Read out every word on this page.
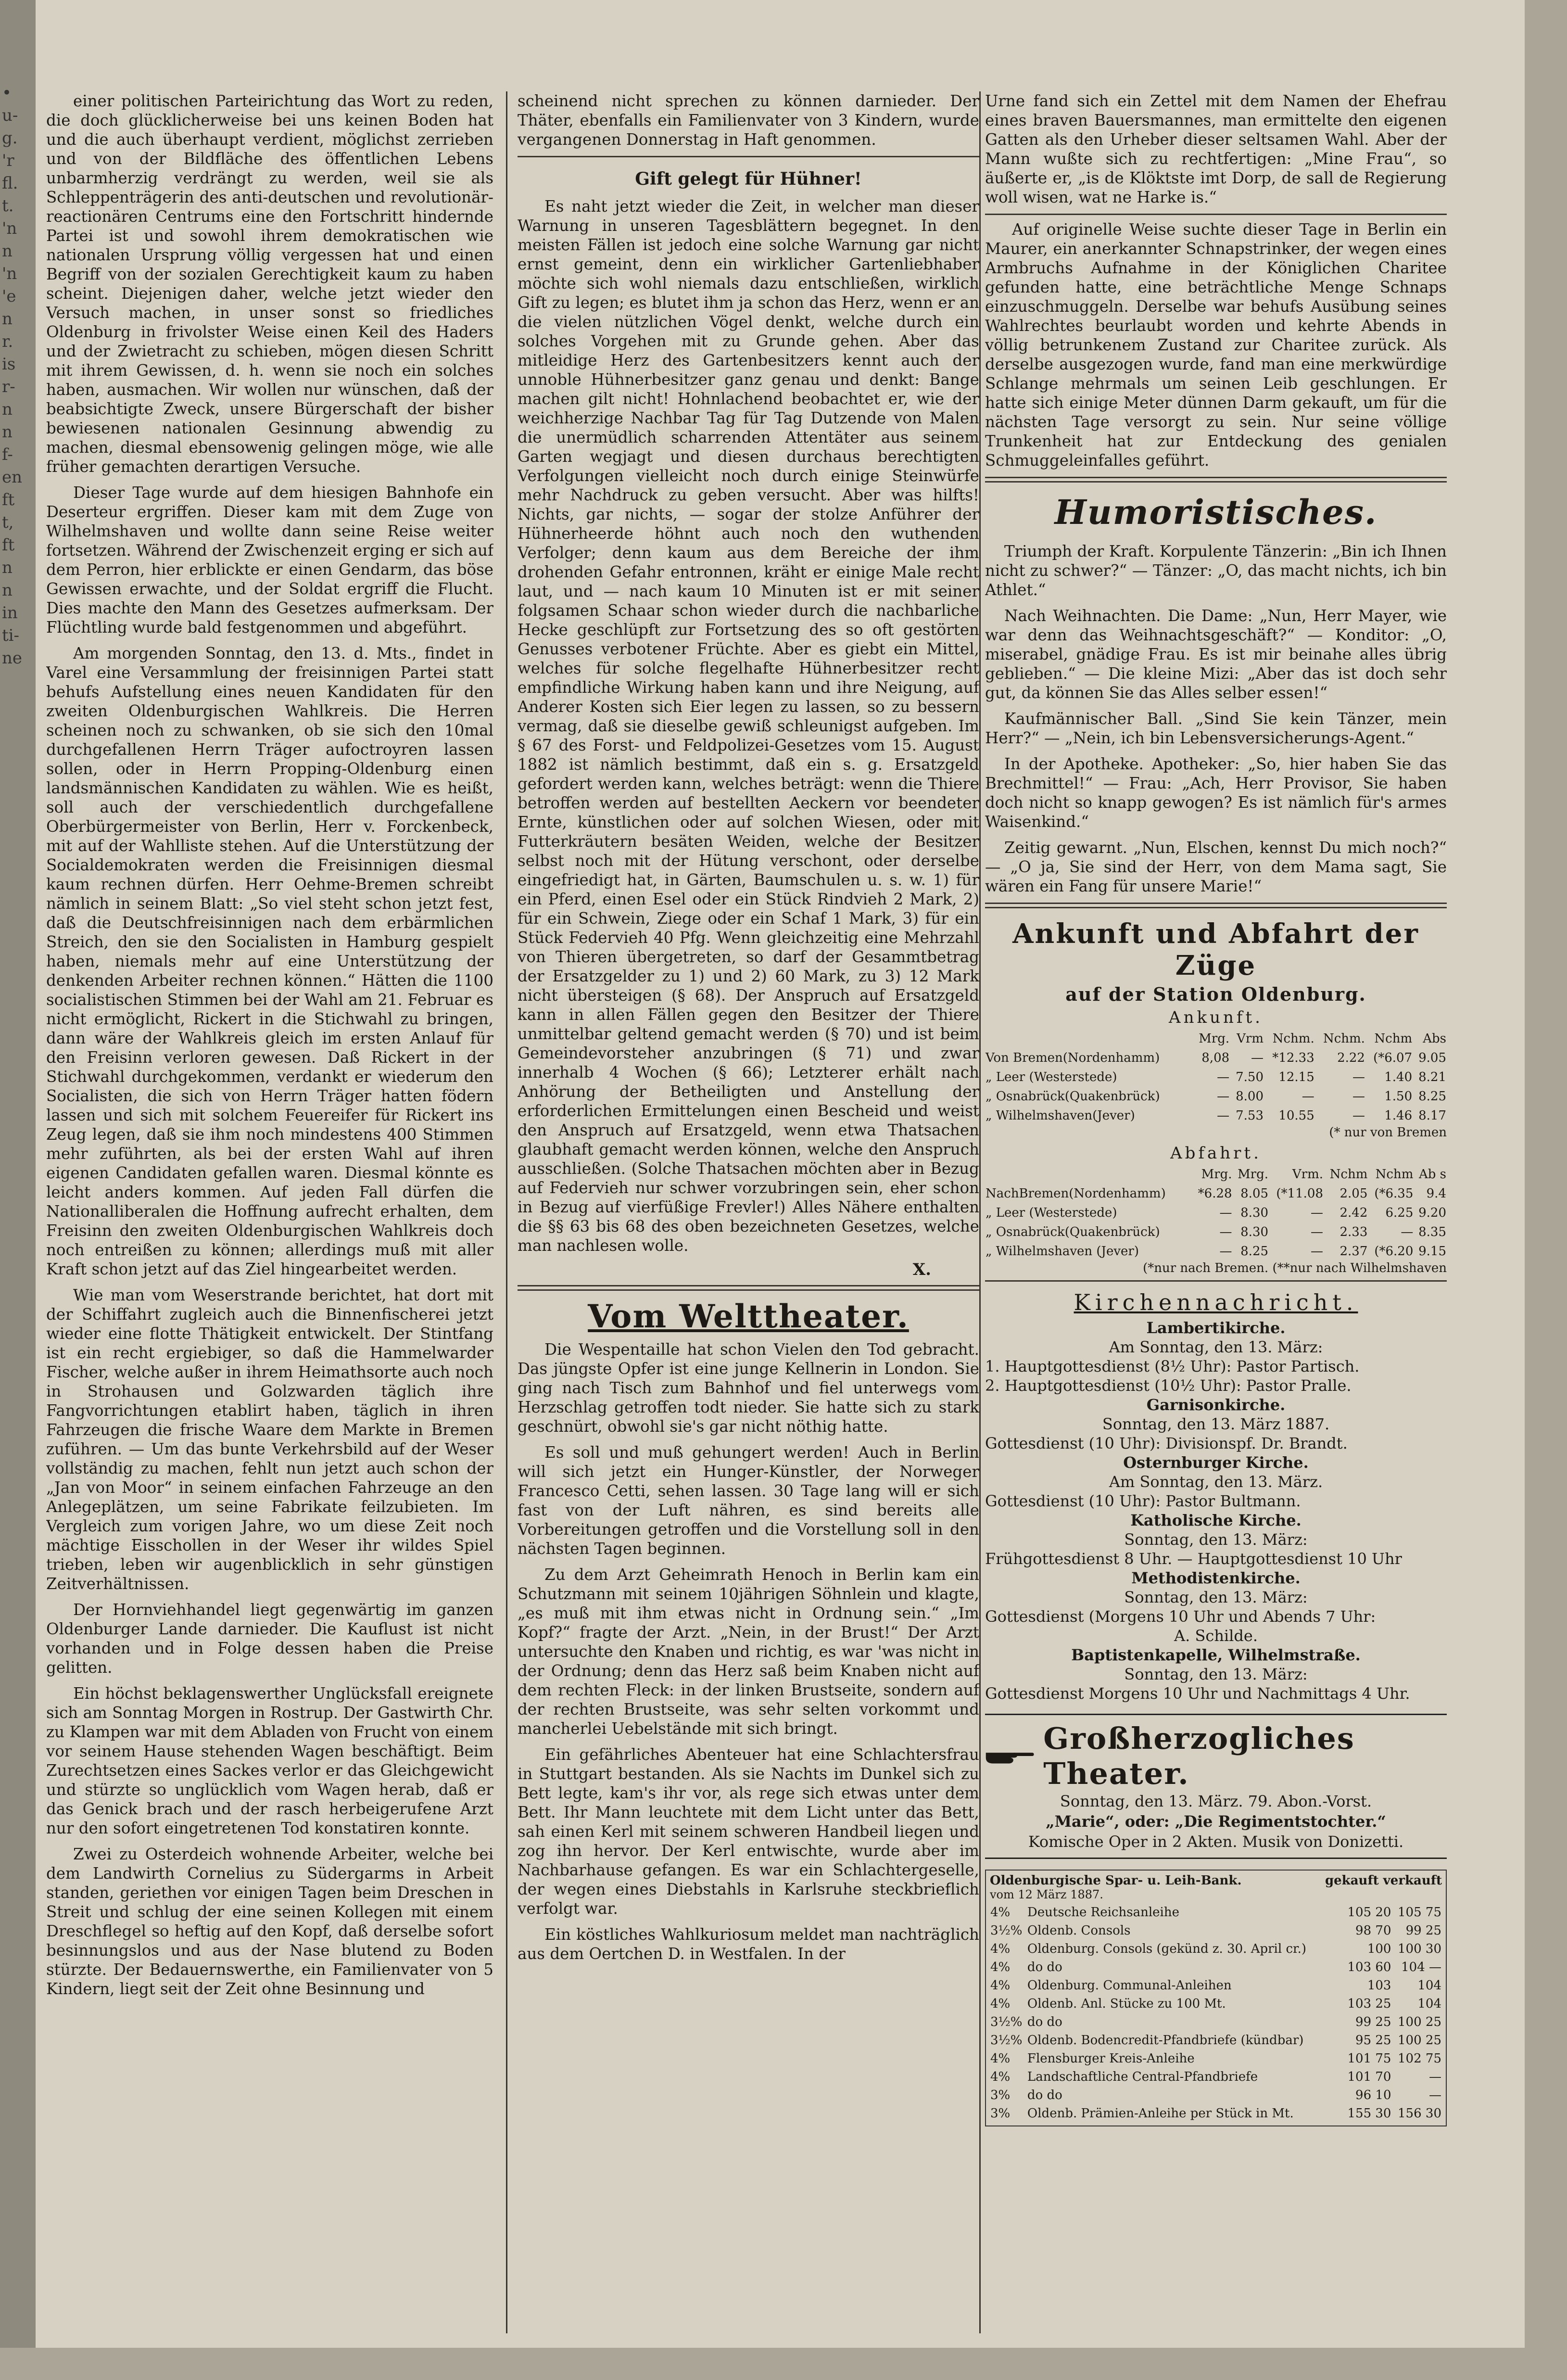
•
u-
g.
'r
fl.
t.
'n
n
'n
'e
n
r.
is
r-
n
n
f-
en
ft
t,
ft
n
n
in
ti-
ne

einer politischen Parteirichtung das Wort zu reden, die doch glücklicherweise bei uns keinen Boden hat und die auch überhaupt verdient, möglichst zerrieben und von der Bildfläche des öffentlichen Lebens unbarmherzig verdrängt zu werden, weil sie als Schleppenträgerin des anti-deutschen und revolutionär-reactionären Centrums eine den Fortschritt hindernde Partei ist und sowohl ihrem demokratischen wie nationalen Ursprung völlig vergessen hat und einen Begriff von der sozialen Gerechtigkeit kaum zu haben scheint. Diejenigen daher, welche jetzt wieder den Versuch machen, in unser sonst so friedliches Oldenburg in frivolster Weise einen Keil des Haders und der Zwietracht zu schieben, mögen diesen Schritt mit ihrem Gewissen, d. h. wenn sie noch ein solches haben, ausmachen. Wir wollen nur wünschen, daß der beabsichtigte Zweck, unsere Bürgerschaft der bisher bewiesenen nationalen Gesinnung abwendig zu machen, diesmal ebensowenig gelingen möge, wie alle früher gemachten derartigen Versuche.

Dieser Tage wurde auf dem hiesigen Bahnhofe ein Deserteur ergriffen. Dieser kam mit dem Zuge von Wilhelmshaven und wollte dann seine Reise weiter fortsetzen. Während der Zwischenzeit erging er sich auf dem Perron, hier erblickte er einen Gendarm, das böse Gewissen erwachte, und der Soldat ergriff die Flucht. Dies machte den Mann des Gesetzes aufmerksam. Der Flüchtling wurde bald festgenommen und abgeführt.

Am morgenden Sonntag, den 13. d. Mts., findet in Varel eine Versammlung der freisinnigen Partei statt behufs Aufstellung eines neuen Kandidaten für den zweiten Oldenburgischen Wahlkreis. Die Herren scheinen noch zu schwanken, ob sie sich den 10mal durchgefallenen Herrn Träger aufoctroyren lassen sollen, oder in Herrn Propping-Oldenburg einen landsmännischen Kandidaten zu wählen. Wie es heißt, soll auch der verschiedentlich durchgefallene Oberbürgermeister von Berlin, Herr v. Forckenbeck, mit auf der Wahlliste stehen. Auf die Unterstützung der Socialdemokraten werden die Freisinnigen diesmal kaum rechnen dürfen. Herr Oehme-Bremen schreibt nämlich in seinem Blatt: „So viel steht schon jetzt fest, daß die Deutschfreisinnigen nach dem erbärmlichen Streich, den sie den Socialisten in Hamburg gespielt haben, niemals mehr auf eine Unterstützung der denkenden Arbeiter rechnen können.“ Hätten die 1100 socialistischen Stimmen bei der Wahl am 21. Februar es nicht ermöglicht, Rickert in die Stichwahl zu bringen, dann wäre der Wahlkreis gleich im ersten Anlauf für den Freisinn verloren gewesen. Daß Rickert in der Stichwahl durchgekommen, verdankt er wiederum den Socialisten, die sich von Herrn Träger hatten födern lassen und sich mit solchem Feuereifer für Rickert ins Zeug legen, daß sie ihm noch mindestens 400 Stimmen mehr zuführten, als bei der ersten Wahl auf ihren eigenen Candidaten gefallen waren. Diesmal könnte es leicht anders kommen. Auf jeden Fall dürfen die Nationalliberalen die Hoffnung aufrecht erhalten, dem Freisinn den zweiten Oldenburgischen Wahlkreis doch noch entreißen zu können; allerdings muß mit aller Kraft schon jetzt auf das Ziel hingearbeitet werden.

Wie man vom Weserstrande berichtet, hat dort mit der Schiffahrt zugleich auch die Binnenfischerei jetzt wieder eine flotte Thätigkeit entwickelt. Der Stintfang ist ein recht ergiebiger, so daß die Hammelwarder Fischer, welche außer in ihrem Heimathsorte auch noch in Strohausen und Golzwarden täglich ihre Fangvorrichtungen etablirt haben, täglich in ihren Fahrzeugen die frische Waare dem Markte in Bremen zuführen. — Um das bunte Verkehrsbild auf der Weser vollständig zu machen, fehlt nun jetzt auch schon der „Jan von Moor“ in seinem einfachen Fahrzeuge an den Anlegeplätzen, um seine Fabrikate feilzubieten. Im Vergleich zum vorigen Jahre, wo um diese Zeit noch mächtige Eisschollen in der Weser ihr wildes Spiel trieben, leben wir augenblicklich in sehr günstigen Zeitverhältnissen.

Der Hornviehhandel liegt gegenwärtig im ganzen Oldenburger Lande darnieder. Die Kauflust ist nicht vorhanden und in Folge dessen haben die Preise gelitten.

Ein höchst beklagenswerther Unglücksfall ereignete sich am Sonntag Morgen in Rostrup. Der Gastwirth Chr. zu Klampen war mit dem Abladen von Frucht von einem vor seinem Hause stehenden Wagen beschäftigt. Beim Zurechtsetzen eines Sackes verlor er das Gleichgewicht und stürzte so unglücklich vom Wagen herab, daß er das Genick brach und der rasch herbeigerufene Arzt nur den sofort eingetretenen Tod konstatiren konnte.

Zwei zu Osterdeich wohnende Arbeiter, welche bei dem Landwirth Cornelius zu Südergarms in Arbeit standen, geriethen vor einigen Tagen beim Dreschen in Streit und schlug der eine seinen Kollegen mit einem Dreschflegel so heftig auf den Kopf, daß derselbe sofort besinnungslos und aus der Nase blutend zu Boden stürzte. Der Bedauernswerthe, ein Familienvater von 5 Kindern, liegt seit der Zeit ohne Besinnung und

scheinend nicht sprechen zu können darnieder. Der Thäter, ebenfalls ein Familienvater von 3 Kindern, wurde vergangenen Donnerstag in Haft genommen.

Gift gelegt für Hühner!

Es naht jetzt wieder die Zeit, in welcher man dieser Warnung in unseren Tagesblättern begegnet. In den meisten Fällen ist jedoch eine solche Warnung gar nicht ernst gemeint, denn ein wirklicher Gartenliebhaber möchte sich wohl niemals dazu entschließen, wirklich Gift zu legen; es blutet ihm ja schon das Herz, wenn er an die vielen nützlichen Vögel denkt, welche durch ein solches Vorgehen mit zu Grunde gehen. Aber das mitleidige Herz des Gartenbesitzers kennt auch der unnoble Hühnerbesitzer ganz genau und denkt: Bange machen gilt nicht! Hohnlachend beobachtet er, wie der weichherzige Nachbar Tag für Tag Dutzende von Malen die unermüdlich scharrenden Attentäter aus seinem Garten wegjagt und diesen durchaus berechtigten Verfolgungen vielleicht noch durch einige Steinwürfe mehr Nachdruck zu geben versucht. Aber was hilfts! Nichts, gar nichts, — sogar der stolze Anführer der Hühnerheerde höhnt auch noch den wuthenden Verfolger; denn kaum aus dem Bereiche der ihm drohenden Gefahr entronnen, kräht er einige Male recht laut, und — nach kaum 10 Minuten ist er mit seiner folgsamen Schaar schon wieder durch die nachbarliche Hecke geschlüpft zur Fortsetzung des so oft gestörten Genusses verbotener Früchte. Aber es giebt ein Mittel, welches für solche flegelhafte Hühnerbesitzer recht empfindliche Wirkung haben kann und ihre Neigung, auf Anderer Kosten sich Eier legen zu lassen, so zu bessern vermag, daß sie dieselbe gewiß schleunigst aufgeben. Im § 67 des Forst- und Feldpolizei-Gesetzes vom 15. August 1882 ist nämlich bestimmt, daß ein s. g. Ersatzgeld gefordert werden kann, welches beträgt: wenn die Thiere betroffen werden auf bestellten Aeckern vor beendeter Ernte, künstlichen oder auf solchen Wiesen, oder mit Futterkräutern besäten Weiden, welche der Besitzer selbst noch mit der Hütung verschont, oder derselbe eingefriedigt hat, in Gärten, Baumschulen u. s. w. 1) für ein Pferd, einen Esel oder ein Stück Rindvieh 2 Mark, 2) für ein Schwein, Ziege oder ein Schaf 1 Mark, 3) für ein Stück Federvieh 40 Pfg. Wenn gleichzeitig eine Mehrzahl von Thieren übergetreten, so darf der Gesammtbetrag der Ersatzgelder zu 1) und 2) 60 Mark, zu 3) 12 Mark nicht übersteigen (§ 68). Der Anspruch auf Ersatzgeld kann in allen Fällen gegen den Besitzer der Thiere unmittelbar geltend gemacht werden (§ 70) und ist beim Gemeindevorsteher anzubringen (§ 71) und zwar innerhalb 4 Wochen (§ 66); Letzterer erhält nach Anhörung der Betheiligten und Anstellung der erforderlichen Ermittelungen einen Bescheid und weist den Anspruch auf Ersatzgeld, wenn etwa Thatsachen glaubhaft gemacht werden können, welche den Anspruch ausschließen. (Solche Thatsachen möchten aber in Bezug auf Federvieh nur schwer vorzubringen sein, eher schon in Bezug auf vierfüßige Frevler!) Alles Nähere enthalten die §§ 63 bis 68 des oben bezeichneten Gesetzes, welche man nachlesen wolle.

X.
Vom Welttheater.

Die Wespentaille hat schon Vielen den Tod gebracht. Das jüngste Opfer ist eine junge Kellnerin in London. Sie ging nach Tisch zum Bahnhof und fiel unterwegs vom Herzschlag getroffen todt nieder. Sie hatte sich zu stark geschnürt, obwohl sie's gar nicht nöthig hatte.

Es soll und muß gehungert werden! Auch in Berlin will sich jetzt ein Hunger-Künstler, der Norweger Francesco Cetti, sehen lassen. 30 Tage lang will er sich fast von der Luft nähren, es sind bereits alle Vorbereitungen getroffen und die Vorstellung soll in den nächsten Tagen beginnen.

Zu dem Arzt Geheimrath Henoch in Berlin kam ein Schutzmann mit seinem 10jährigen Söhnlein und klagte, „es muß mit ihm etwas nicht in Ordnung sein.“ „Im Kopf?“ fragte der Arzt. „Nein, in der Brust!“ Der Arzt untersuchte den Knaben und richtig, es war 'was nicht in der Ordnung; denn das Herz saß beim Knaben nicht auf dem rechten Fleck: in der linken Brustseite, sondern auf der rechten Brustseite, was sehr selten vorkommt und mancherlei Uebelstände mit sich bringt.

Ein gefährliches Abenteuer hat eine Schlachtersfrau in Stuttgart bestanden. Als sie Nachts im Dunkel sich zu Bett legte, kam's ihr vor, als rege sich etwas unter dem Bett. Ihr Mann leuchtete mit dem Licht unter das Bett, sah einen Kerl mit seinem schweren Handbeil liegen und zog ihn hervor. Der Kerl entwischte, wurde aber im Nachbarhause gefangen. Es war ein Schlachtergeselle, der wegen eines Diebstahls in Karlsruhe steckbrieflich verfolgt war.

Ein köstliches Wahlkuriosum meldet man nachträglich aus dem Oertchen D. in Westfalen. In der

Urne fand sich ein Zettel mit dem Namen der Ehefrau eines braven Bauersmannes, man ermittelte den eigenen Gatten als den Urheber dieser seltsamen Wahl. Aber der Mann wußte sich zu rechtfertigen: „Mine Frau“, so äußerte er, „is de Klöktste imt Dorp, de sall de Regierung woll wisen, wat ne Harke is.“

Auf originelle Weise suchte dieser Tage in Berlin ein Maurer, ein anerkannter Schnapstrinker, der wegen eines Armbruchs Aufnahme in der Königlichen Charitee gefunden hatte, eine beträchtliche Menge Schnaps einzuschmuggeln. Derselbe war behufs Ausübung seines Wahlrechtes beurlaubt worden und kehrte Abends in völlig betrunkenem Zustand zur Charitee zurück. Als derselbe ausgezogen wurde, fand man eine merkwürdige Schlange mehrmals um seinen Leib geschlungen. Er hatte sich einige Meter dünnen Darm gekauft, um für die nächsten Tage versorgt zu sein. Nur seine völlige Trunkenheit hat zur Entdeckung des genialen Schmuggeleinfalles geführt.

Humoristisches.

Triumph der Kraft. Korpulente Tänzerin: „Bin ich Ihnen nicht zu schwer?“ — Tänzer: „O, das macht nichts, ich bin Athlet.“

Nach Weihnachten. Die Dame: „Nun, Herr Mayer, wie war denn das Weihnachtsgeschäft?“ — Konditor: „O, miserabel, gnädige Frau. Es ist mir beinahe alles übrig geblieben.“ — Die kleine Mizi: „Aber das ist doch sehr gut, da können Sie das Alles selber essen!“

Kaufmännischer Ball. „Sind Sie kein Tänzer, mein Herr?“ — „Nein, ich bin Lebensversicherungs-Agent.“

In der Apotheke. Apotheker: „So, hier haben Sie das Brechmittel!“ — Frau: „Ach, Herr Provisor, Sie haben doch nicht so knapp gewogen? Es ist nämlich für's armes Waisenkind.“

Zeitig gewarnt. „Nun, Elschen, kennst Du mich noch?“ — „O ja, Sie sind der Herr, von dem Mama sagt, Sie wären ein Fang für unsere Marie!“

Ankunft und Abfahrt der Züge
auf der Station Oldenburg.
Ankunft.
	Mrg.	Vrm	Nchm.	Nchm.	Nchm	Abs
Von Bremen(Nordenhamm)	8,08	—	*12.33	2.22	(*6.07	9.05
„ Leer (Westerstede)	—	7.50	12.15	—	1.40	8.21
„ Osnabrück(Quakenbrück)	—	8.00	—	—	1.50	8.25
„ Wilhelmshaven(Jever)	—	7.53	10.55	—	1.46	8.17
(* nur von Bremen
Abfahrt.
	Mrg.	Mrg.	Vrm.	Nchm	Nchm	Ab s
NachBremen(Nordenhamm)	*6.28	8.05	(*11.08	2.05	(*6.35	9.4
„ Leer (Westerstede)	—	8.30	—	2.42	6.25	9.20
„ Osnabrück(Quakenbrück)	—	8.30	—	2.33	—	8.35
„ Wilhelmshaven (Jever)	—	8.25	—	2.37	(*6.20	9.15
(*nur nach Bremen. (**nur nach Wilhelmshaven
Kirchennachricht.
Lambertikirche.
Am Sonntag, den 13. März:
1. Hauptgottesdienst (8½ Uhr): Pastor Partisch.
2. Hauptgottesdienst (10½ Uhr): Pastor Pralle.
Garnisonkirche.
Sonntag, den 13. März 1887.
Gottesdienst (10 Uhr): Divisionspf. Dr. Brandt.
Osternburger Kirche.
Am Sonntag, den 13. März.
Gottesdienst (10 Uhr): Pastor Bultmann.
Katholische Kirche.
Sonntag, den 13. März:
Frühgottesdienst 8 Uhr. — Hauptgottesdienst 10 Uhr
Methodistenkirche.
Sonntag, den 13. März:
Gottesdienst (Morgens 10 Uhr und Abends 7 Uhr:
A. Schilde.
Baptistenkapelle, Wilhelmstraße.
Sonntag, den 13. März:
Gottesdienst Morgens 10 Uhr und Nachmittags 4 Uhr.
Großherzogliches Theater.
Sonntag, den 13. März. 79. Abon.-Vorst.
„Marie“, oder: „Die Regimentstochter.“
Komische Oper in 2 Akten. Musik von Donizetti.
Oldenburgische Spar- u. Leih-Bank.	gekauft verkauft
vom 12 März 1887.
4%	Deutsche Reichsanleihe	105 20	105 75
3½%	Oldenb. Consols	98 70	99 25
4%	Oldenburg. Consols (gekünd z. 30. April cr.)	100	100 30
4%	do do	103 60	104 —
4%	Oldenburg. Communal-Anleihen	103	104
4%	Oldenb. Anl. Stücke zu 100 Mt.	103 25	104
3½%	do do	99 25	100 25
3½%	Oldenb. Bodencredit-Pfandbriefe (kündbar)	95 25	100 25
4%	Flensburger Kreis-Anleihe	101 75	102 75
4%	Landschaftliche Central-Pfandbriefe	101 70	—
3%	do do	96 10	—
3%	Oldenb. Prämien-Anleihe per Stück in Mt.	155 30	156 30
